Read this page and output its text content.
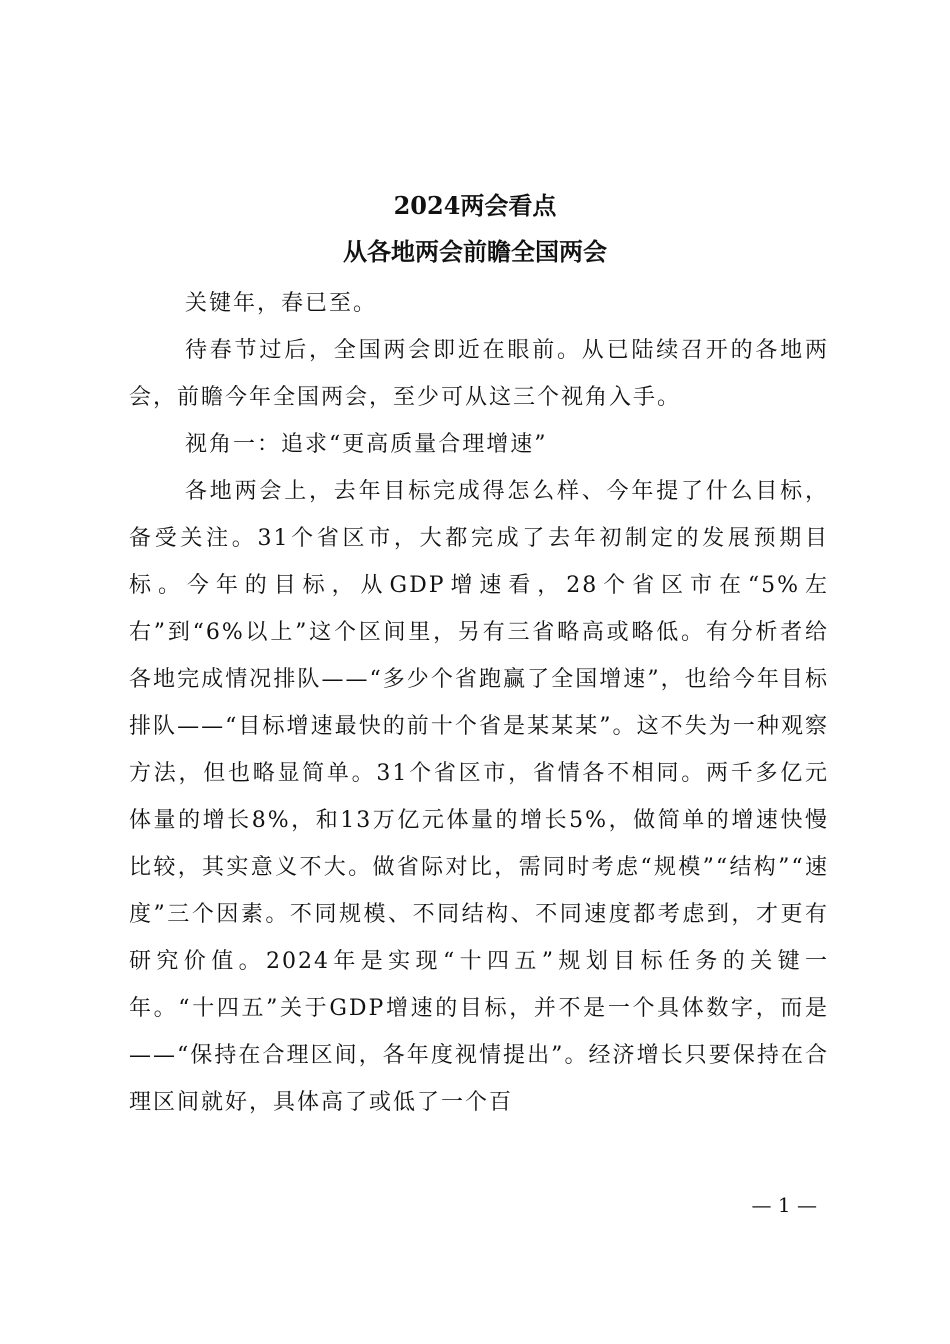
2024两会看点
从各地两会前瞻全国两会

关键年，春已至。

待春节过后，全国两会即近在眼前。从已陆续召开的各地两会，前瞻今年全国两会，至少可从这三个视角入手。

视角一：追求“更高质量合理增速”

各地两会上，去年目标完成得怎么样、今年提了什么目标，备受关注。31个省区市，大都完成了去年初制定的发展预期目标。今年的目标，从GDP增速看，28个省区市在“5%左右”到“6%以上”这个区间里，另有三省略高或略低。有分析者给各地完成情况排队——“多少个省跑赢了全国增速”，也给今年目标排队——“目标增速最快的前十个省是某某某”。这不失为一种观察方法，但也略显简单。31个省区市，省情各不相同。两千多亿元体量的增长8%，和13万亿元体量的增长5%，做简单的增速快慢比较，其实意义不大。做省际对比，需同时考虑“规模”“结构”“速度”三个因素。不同规模、不同结构、不同速度都考虑到，才更有研究价值。2024年是实现“十四五”规划目标任务的关键一年。“十四五”关于GDP增速的目标，并不是一个具体数字，而是——“保持在合理区间，各年度视情提出”。经济增长只要保持在合理区间就好，具体高了或低了一个百

— 1 —
